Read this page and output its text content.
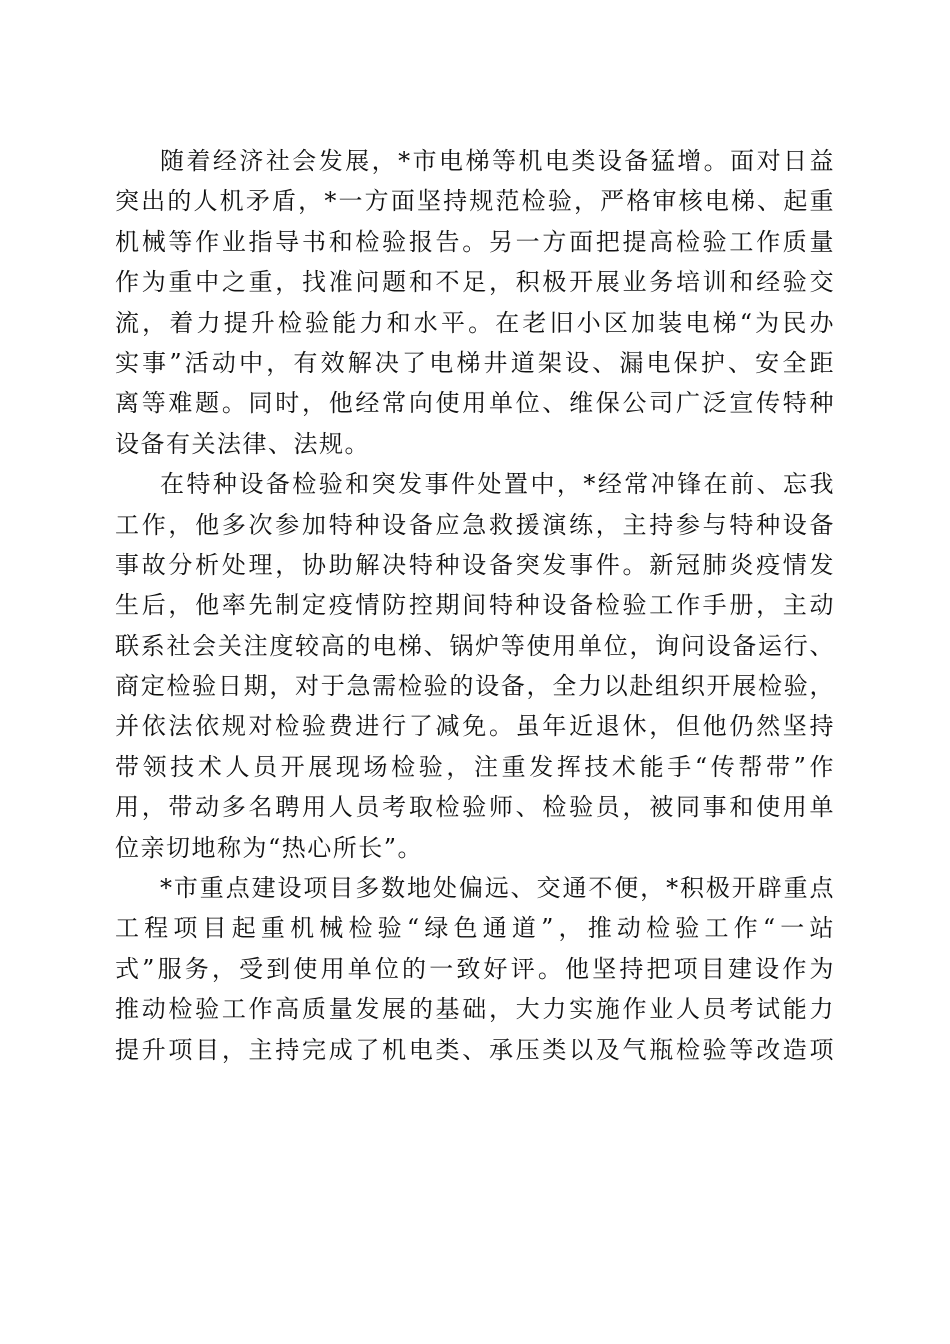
随着经济社会发展，*市电梯等机电类设备猛增。面对日益
突出的人机矛盾，*一方面坚持规范检验，严格审核电梯、起重
机械等作业指导书和检验报告。另一方面把提高检验工作质量
作为重中之重，找准问题和不足，积极开展业务培训和经验交
流，着力提升检验能力和水平。在老旧小区加装电梯“为民办
实事”活动中，有效解决了电梯井道架设、漏电保护、安全距
离等难题。同时，他经常向使用单位、维保公司广泛宣传特种
设备有关法律、法规。
在特种设备检验和突发事件处置中，*经常冲锋在前、忘我
工作，他多次参加特种设备应急救援演练，主持参与特种设备
事故分析处理，协助解决特种设备突发事件。新冠肺炎疫情发
生后，他率先制定疫情防控期间特种设备检验工作手册，主动
联系社会关注度较高的电梯、锅炉等使用单位，询问设备运行、
商定检验日期，对于急需检验的设备，全力以赴组织开展检验，
并依法依规对检验费进行了减免。虽年近退休，但他仍然坚持
带领技术人员开展现场检验，注重发挥技术能手“传帮带”作
用，带动多名聘用人员考取检验师、检验员，被同事和使用单
位亲切地称为“热心所长”。
*市重点建设项目多数地处偏远、交通不便，*积极开辟重点
工程项目起重机械检验“绿色通道”，推动检验工作“一站
式”服务，受到使用单位的一致好评。他坚持把项目建设作为
推动检验工作高质量发展的基础，大力实施作业人员考试能力
提升项目，主持完成了机电类、承压类以及气瓶检验等改造项
